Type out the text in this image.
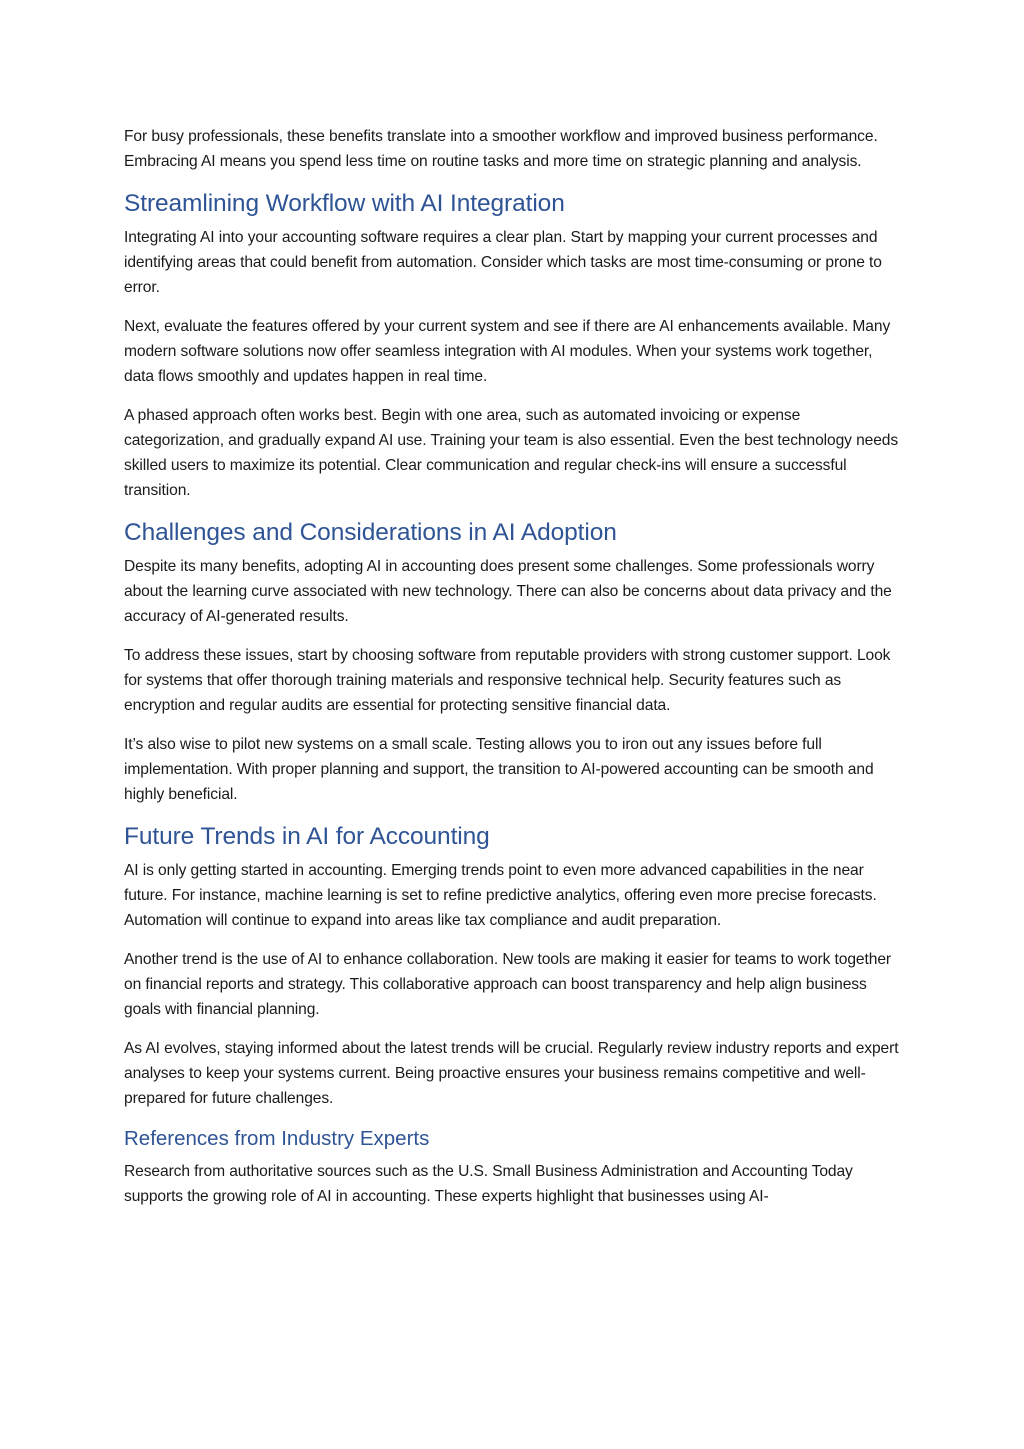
For busy professionals, these benefits translate into a smoother workflow and improved business performance. Embracing AI means you spend less time on routine tasks and more time on strategic planning and analysis.

Streamlining Workflow with AI Integration

Integrating AI into your accounting software requires a clear plan. Start by mapping your current processes and identifying areas that could benefit from automation. Consider which tasks are most time-consuming or prone to error.

Next, evaluate the features offered by your current system and see if there are AI enhancements available. Many modern software solutions now offer seamless integration with AI modules. When your systems work together, data flows smoothly and updates happen in real time.

A phased approach often works best. Begin with one area, such as automated invoicing or expense categorization, and gradually expand AI use. Training your team is also essential. Even the best technology needs skilled users to maximize its potential. Clear communication and regular check-ins will ensure a successful transition.

Challenges and Considerations in AI Adoption

Despite its many benefits, adopting AI in accounting does present some challenges. Some professionals worry about the learning curve associated with new technology. There can also be concerns about data privacy and the accuracy of AI-generated results.

To address these issues, start by choosing software from reputable providers with strong customer support. Look for systems that offer thorough training materials and responsive technical help. Security features such as encryption and regular audits are essential for protecting sensitive financial data.

It’s also wise to pilot new systems on a small scale. Testing allows you to iron out any issues before full implementation. With proper planning and support, the transition to AI-powered accounting can be smooth and highly beneficial.

Future Trends in AI for Accounting

AI is only getting started in accounting. Emerging trends point to even more advanced capabilities in the near future. For instance, machine learning is set to refine predictive analytics, offering even more precise forecasts. Automation will continue to expand into areas like tax compliance and audit preparation.

Another trend is the use of AI to enhance collaboration. New tools are making it easier for teams to work together on financial reports and strategy. This collaborative approach can boost transparency and help align business goals with financial planning.

As AI evolves, staying informed about the latest trends will be crucial. Regularly review industry reports and expert analyses to keep your systems current. Being proactive ensures your business remains competitive and well-prepared for future challenges.

References from Industry Experts

Research from authoritative sources such as the U.S. Small Business Administration and Accounting Today supports the growing role of AI in accounting. These experts highlight that businesses using AI-
